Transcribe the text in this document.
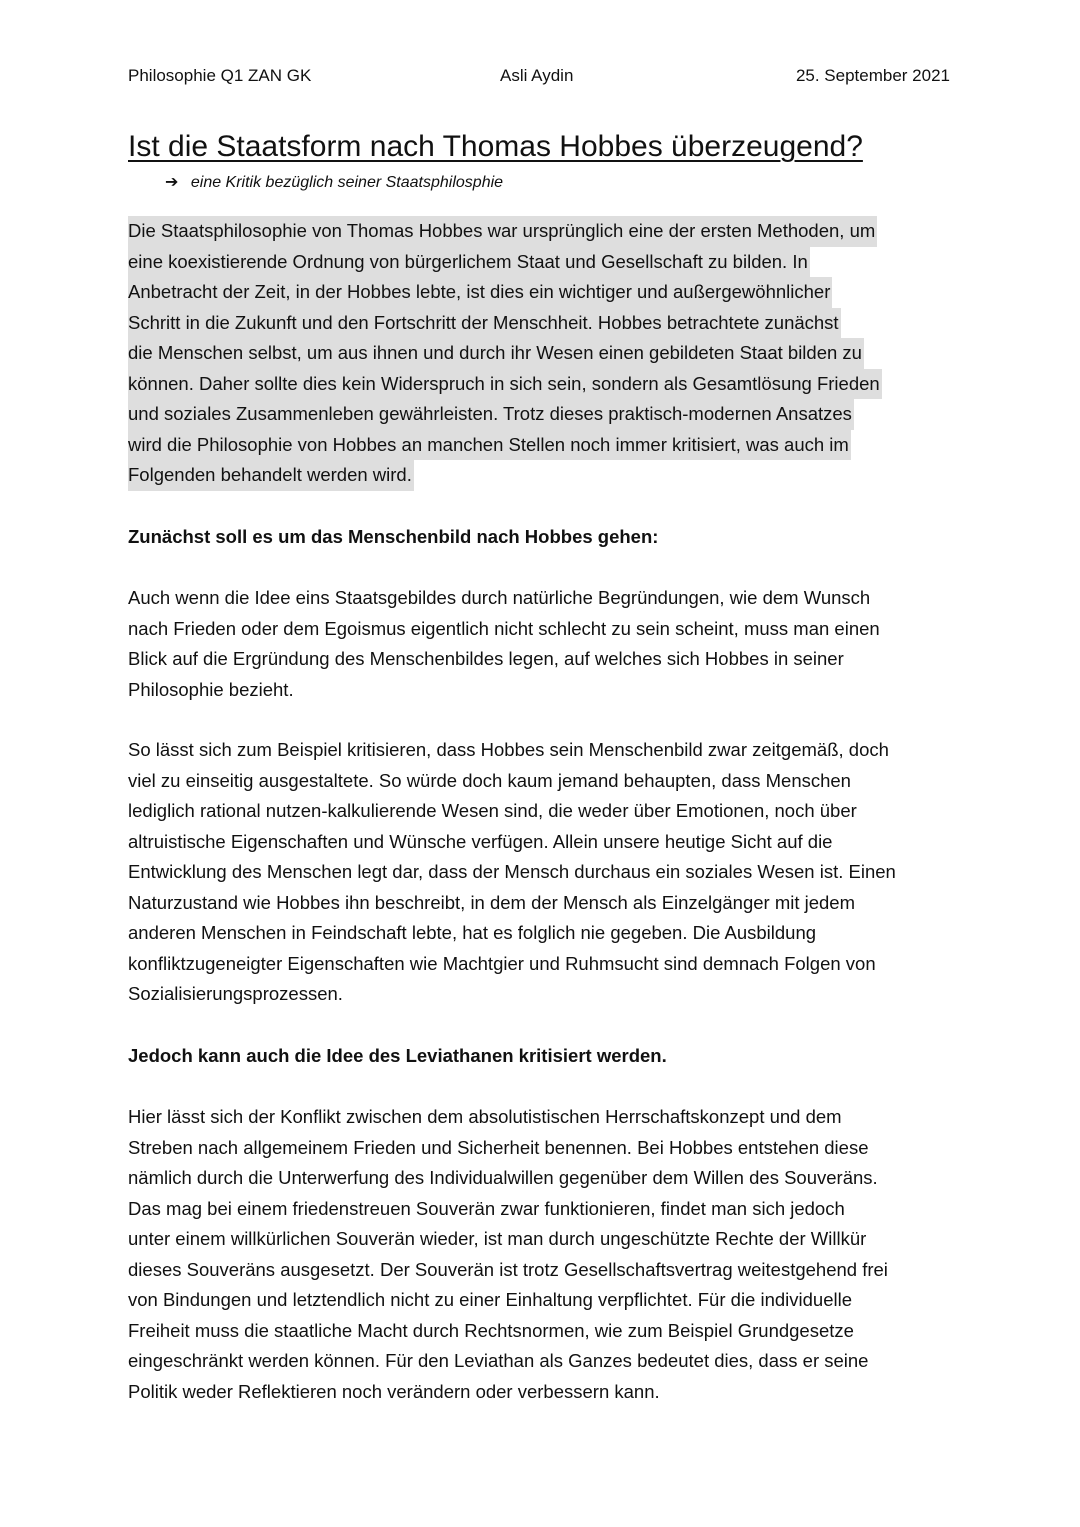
Philosophie Q1 ZAN GK	Asli Aydin	25. September 2021
Ist die Staatsform nach Thomas Hobbes überzeugend?
➔ eine Kritik bezüglich seiner Staatsphilosphie
Die Staatsphilosophie von Thomas Hobbes war ursprünglich eine der ersten Methoden, um
eine koexistierende Ordnung von bürgerlichem Staat und Gesellschaft zu bilden. In
Anbetracht der Zeit, in der Hobbes lebte, ist dies ein wichtiger und außergewöhnlicher
Schritt in die Zukunft und den Fortschritt der Menschheit. Hobbes betrachtete zunächst
die Menschen selbst, um aus ihnen und durch ihr Wesen einen gebildeten Staat bilden zu
können. Daher sollte dies kein Widerspruch in sich sein, sondern als Gesamtlösung Frieden
und soziales Zusammenleben gewährleisten. Trotz dieses praktisch-modernen Ansatzes
wird die Philosophie von Hobbes an manchen Stellen noch immer kritisiert, was auch im
Folgenden behandelt werden wird.
Zunächst soll es um das Menschenbild nach Hobbes gehen:
Auch wenn die Idee eins Staatsgebildes durch natürliche Begründungen, wie dem Wunsch
nach Frieden oder dem Egoismus eigentlich nicht schlecht zu sein scheint, muss man einen
Blick auf die Ergründung des Menschenbildes legen, auf welches sich Hobbes in seiner
Philosophie bezieht.
So lässt sich zum Beispiel kritisieren, dass Hobbes sein Menschenbild zwar zeitgemäß, doch
viel zu einseitig ausgestaltete. So würde doch kaum jemand behaupten, dass Menschen
lediglich rational nutzen-kalkulierende Wesen sind, die weder über Emotionen, noch über
altruistische Eigenschaften und Wünsche verfügen. Allein unsere heutige Sicht auf die
Entwicklung des Menschen legt dar, dass der Mensch durchaus ein soziales Wesen ist. Einen
Naturzustand wie Hobbes ihn beschreibt, in dem der Mensch als Einzelgänger mit jedem
anderen Menschen in Feindschaft lebte, hat es folglich nie gegeben. Die Ausbildung
konfliktzugeneigter Eigenschaften wie Machtgier und Ruhmsucht sind demnach Folgen von
Sozialisierungsprozessen.
Jedoch kann auch die Idee des Leviathanen kritisiert werden.
Hier lässt sich der Konflikt zwischen dem absolutistischen Herrschaftskonzept und dem
Streben nach allgemeinem Frieden und Sicherheit benennen. Bei Hobbes entstehen diese
nämlich durch die Unterwerfung des Individualwillen gegenüber dem Willen des Souveräns.
Das mag bei einem friedenstreuen Souverän zwar funktionieren, findet man sich jedoch
unter einem willkürlichen Souverän wieder, ist man durch ungeschützte Rechte der Willkür
dieses Souveräns ausgesetzt. Der Souverän ist trotz Gesellschaftsvertrag weitestgehend frei
von Bindungen und letztendlich nicht zu einer Einhaltung verpflichtet. Für die individuelle
Freiheit muss die staatliche Macht durch Rechtsnormen, wie zum Beispiel Grundgesetze
eingeschränkt werden können. Für den Leviathan als Ganzes bedeutet dies, dass er seine
Politik weder Reflektieren noch verändern oder verbessern kann.
